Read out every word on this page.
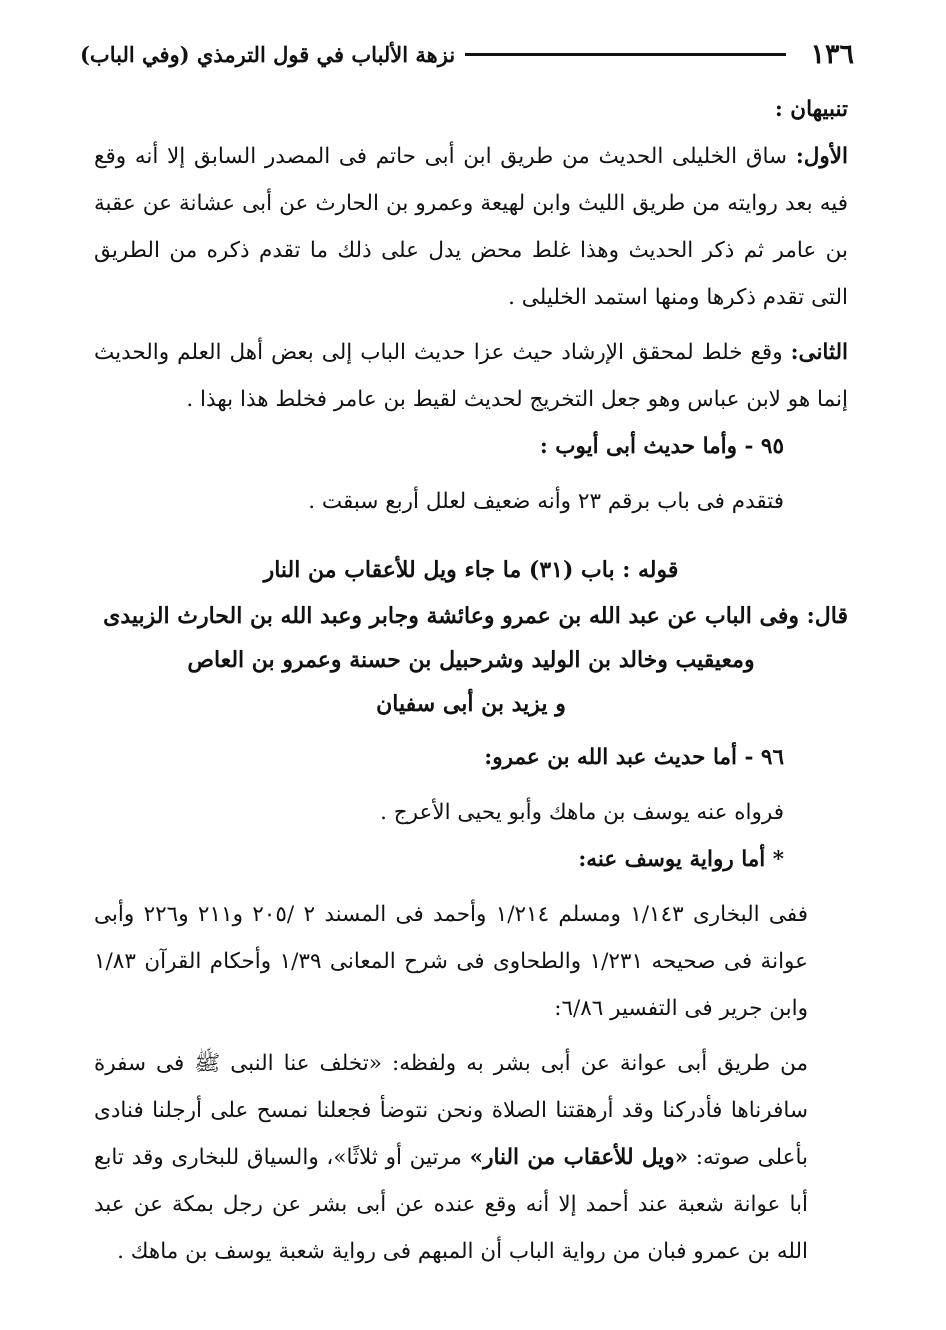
١٣٦
نزهة الألباب في قول الترمذي (وفي الباب)

تنبيهان :

الأول: ساق الخليلى الحديث من طريق ابن أبى حاتم فى المصدر السابق إلا أنه وقع فيه بعد روايته من طريق الليث وابن لهيعة وعمرو بن الحارث عن أبى عشانة عن عقبة بن عامر ثم ذكر الحديث وهذا غلط محض يدل على ذلك ما تقدم ذكره من الطريق التى تقدم ذكرها ومنها استمد الخليلى .

الثانى: وقع خلط لمحقق الإرشاد حيث عزا حديث الباب إلى بعض أهل العلم والحديث إنما هو لابن عباس وهو جعل التخريج لحديث لقيط بن عامر فخلط هذا بهذا .

٩٥ - وأما حديث أبى أيوب :

فتقدم فى باب برقم ٢٣ وأنه ضعيف لعلل أربع سبقت .

قوله : باب (٣١) ما جاء ويل للأعقاب من النار

قال: وفى الباب عن عبد الله بن عمرو وعائشة وجابر وعبد الله بن الحارث الزبيدى

ومعيقيب وخالد بن الوليد وشرحبيل بن حسنة وعمرو بن العاص

و يزيد بن أبى سفيان

٩٦ - أما حديث عبد الله بن عمرو:

فرواه عنه يوسف بن ماهك وأبو يحيى الأعرج .

* أما رواية يوسف عنه:

ففى البخارى ١/١٤٣ ومسلم ١/٢١٤ وأحمد فى المسند ٢ /٢٠٥ و٢١١ و٢٢٦ وأبى عوانة فى صحيحه ١/٢٣١ والطحاوى فى شرح المعانى ١/٣٩ وأحكام القرآن ١/٨٣ وابن جرير فى التفسير ٦/٨٦:

من طريق أبى عوانة عن أبى بشر به ولفظه: «تخلف عنا النبى ﷺ فى سفرة سافرناها فأدركنا وقد أرهقتنا الصلاة ونحن نتوضأ فجعلنا نمسح على أرجلنا فنادى بأعلى صوته: «ويل للأعقاب من النار» مرتين أو ثلاثًا»، والسياق للبخارى وقد تابع أبا عوانة شعبة عند أحمد إلا أنه وقع عنده عن أبى بشر عن رجل بمكة عن عبد الله بن عمرو فبان من رواية الباب أن المبهم فى رواية شعبة يوسف بن ماهك .
